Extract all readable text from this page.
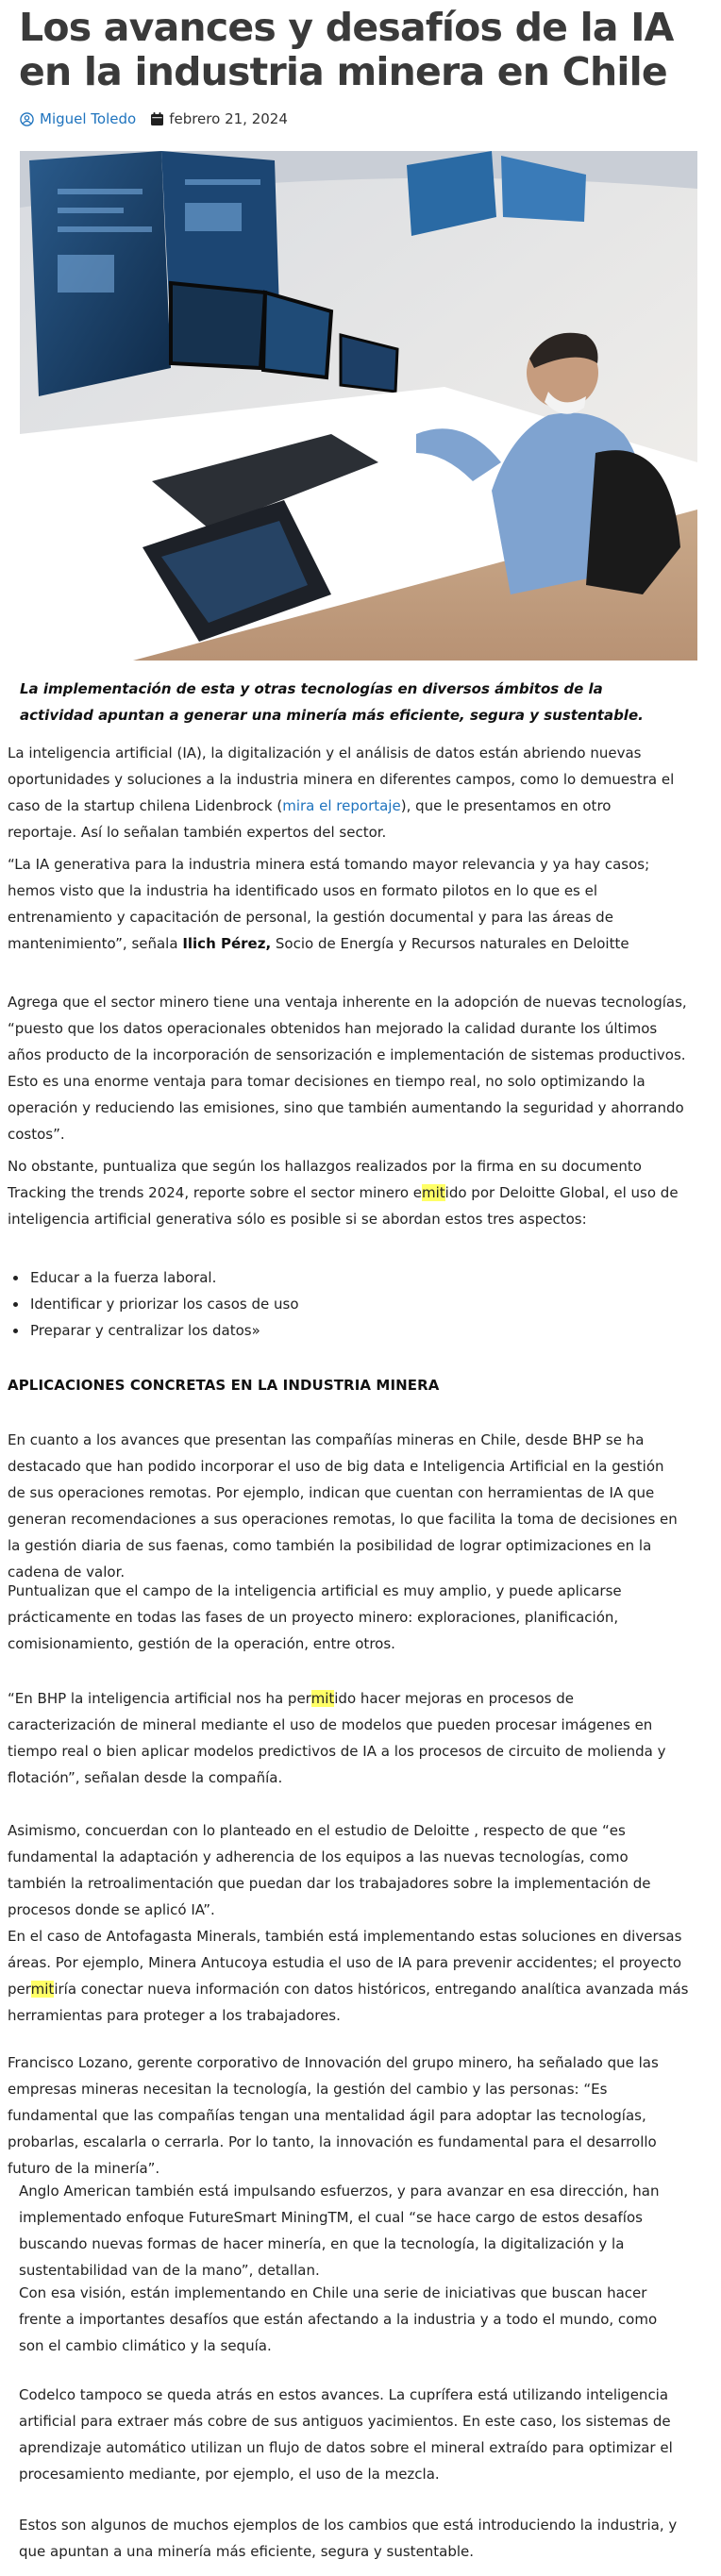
Los avances y desafíos de la IA en la industria minera en Chile
Miguel Toledo febrero 21, 2024

La implementación de esta y otras tecnologías en diversos ámbitos de la actividad apuntan a generar una minería más eficiente, segura y sustentable.

La inteligencia artificial (IA), la digitalización y el análisis de datos están abriendo nuevas oportunidades y soluciones a la industria minera en diferentes campos, como lo demuestra el caso de la startup chilena Lidenbrock (mira el reportaje), que le presentamos en otro reportaje. Así lo señalan también expertos del sector.

“La IA generativa para la industria minera está tomando mayor relevancia y ya hay casos; hemos visto que la industria ha identificado usos en formato pilotos en lo que es el entrenamiento y capacitación de personal, la gestión documental y para las áreas de mantenimiento”, señala Ilich Pérez, Socio de Energía y Recursos naturales en Deloitte

Agrega que el sector minero tiene una ventaja inherente en la adopción de nuevas tecnologías, “puesto que los datos operacionales obtenidos han mejorado la calidad durante los últimos años producto de la incorporación de sensorización e implementación de sistemas productivos. Esto es una enorme ventaja para tomar decisiones en tiempo real, no solo optimizando la operación y reduciendo las emisiones, sino que también aumentando la seguridad y ahorrando costos”.

No obstante, puntualiza que según los hallazgos realizados por la firma en su documento Tracking the trends 2024, reporte sobre el sector minero emitido por Deloitte Global, el uso de inteligencia artificial generativa sólo es posible si se abordan estos tres aspectos:

• Educar a la fuerza laboral.
• Identificar y priorizar los casos de uso
• Preparar y centralizar los datos»
APLICACIONES CONCRETAS EN LA INDUSTRIA MINERA

En cuanto a los avances que presentan las compañías mineras en Chile, desde BHP se ha destacado que han podido incorporar el uso de big data e Inteligencia Artificial en la gestión de sus operaciones remotas. Por ejemplo, indican que cuentan con herramientas de IA que generan recomendaciones a sus operaciones remotas, lo que facilita la toma de decisiones en la gestión diaria de sus faenas, como también la posibilidad de lograr optimizaciones en la cadena de valor.

Puntualizan que el campo de la inteligencia artificial es muy amplio, y puede aplicarse prácticamente en todas las fases de un proyecto minero: exploraciones, planificación, comisionamiento, gestión de la operación, entre otros.

“En BHP la inteligencia artificial nos ha permitido hacer mejoras en procesos de caracterización de mineral mediante el uso de modelos que pueden procesar imágenes en tiempo real o bien aplicar modelos predictivos de IA a los procesos de circuito de molienda y flotación”, señalan desde la compañía.

Asimismo, concuerdan con lo planteado en el estudio de Deloitte , respecto de que “es fundamental la adaptación y adherencia de los equipos a las nuevas tecnologías, como también la retroalimentación que puedan dar los trabajadores sobre la implementación de procesos donde se aplicó IA”.

En el caso de Antofagasta Minerals, también está implementando estas soluciones en diversas áreas. Por ejemplo, Minera Antucoya estudia el uso de IA para prevenir accidentes; el proyecto permitiría conectar nueva información con datos históricos, entregando analítica avanzada más herramientas para proteger a los trabajadores.

Francisco Lozano, gerente corporativo de Innovación del grupo minero, ha señalado que las empresas mineras necesitan la tecnología, la gestión del cambio y las personas: “Es fundamental que las compañías tengan una mentalidad ágil para adoptar las tecnologías, probarlas, escalarla o cerrarla. Por lo tanto, la innovación es fundamental para el desarrollo futuro de la minería”.

Anglo American también está impulsando esfuerzos, y para avanzar en esa dirección, han implementado enfoque FutureSmart MiningTM, el cual “se hace cargo de estos desafíos buscando nuevas formas de hacer minería, en que la tecnología, la digitalización y la sustentabilidad van de la mano”, detallan.

Con esa visión, están implementando en Chile una serie de iniciativas que buscan hacer frente a importantes desafíos que están afectando a la industria y a todo el mundo, como son el cambio climático y la sequía.

Codelco tampoco se queda atrás en estos avances. La cuprífera está utilizando inteligencia artificial para extraer más cobre de sus antiguos yacimientos. En este caso, los sistemas de aprendizaje automático utilizan un flujo de datos sobre el mineral extraído para optimizar el procesamiento mediante, por ejemplo, el uso de la mezcla.

Estos son algunos de muchos ejemplos de los cambios que está introduciendo la industria, y que apuntan a una minería más eficiente, segura y sustentable.
